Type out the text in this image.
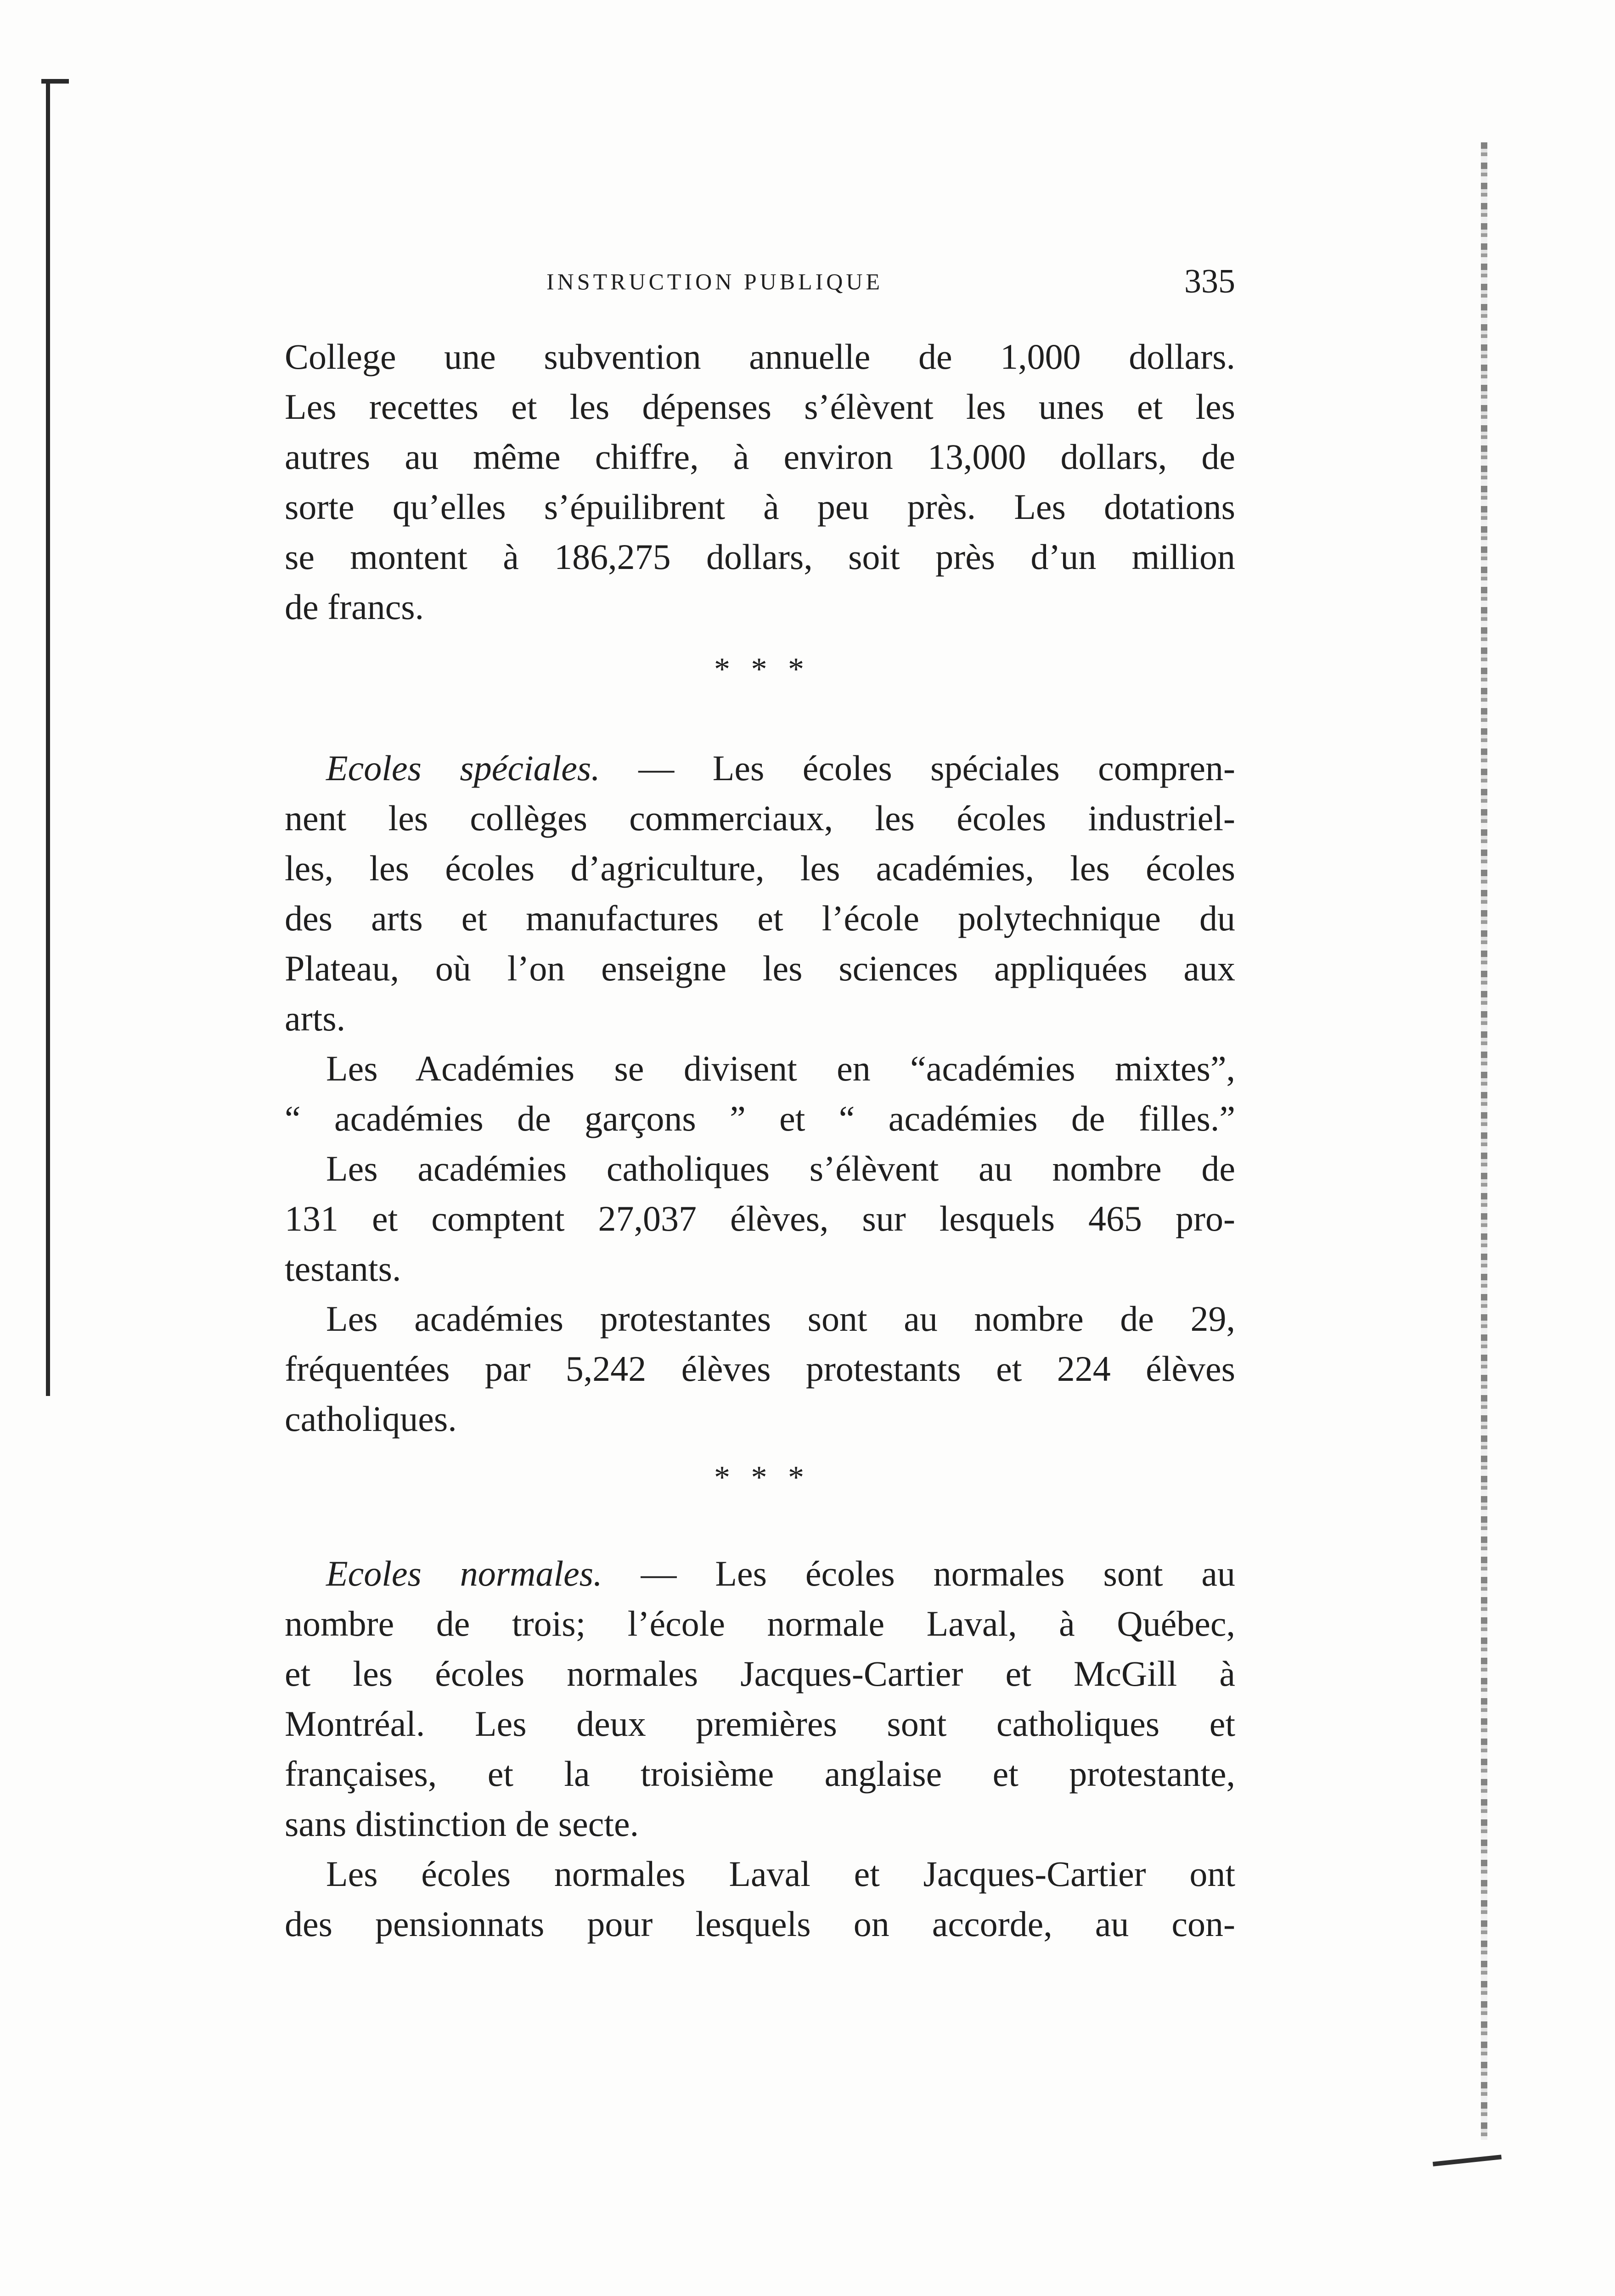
INSTRUCTION PUBLIQUE	335
College une subvention annuelle de 1,000 dollars.
Les recettes et les dépenses s’élèvent les unes et les
autres au même chiffre, à environ 13,000 dollars, de
sorte qu’elles s’épuilibrent à peu près. Les dotations
se montent à 186,275 dollars, soit près d’un million
de francs.
* * *
Ecoles spéciales. — Les écoles spéciales compren-
nent les collèges commerciaux, les écoles industriel-
les, les écoles d’agriculture, les académies, les écoles
des arts et manufactures et l’école polytechnique du
Plateau, où l’on enseigne les sciences appliquées aux
arts.
Les Académies se divisent en “académies mixtes”,
“ académies de garçons ” et “ académies de filles.”
Les académies catholiques s’élèvent au nombre de
131 et comptent 27,037 élèves, sur lesquels 465 pro-
testants.
Les académies protestantes sont au nombre de 29,
fréquentées par 5,242 élèves protestants et 224 élèves
catholiques.
* * *
Ecoles normales. — Les écoles normales sont au
nombre de trois; l’école normale Laval, à Québec,
et les écoles normales Jacques-Cartier et McGill à
Montréal. Les deux premières sont catholiques et
françaises, et la troisième anglaise et protestante,
sans distinction de secte.
Les écoles normales Laval et Jacques-Cartier ont
des pensionnats pour lesquels on accorde, au con-
